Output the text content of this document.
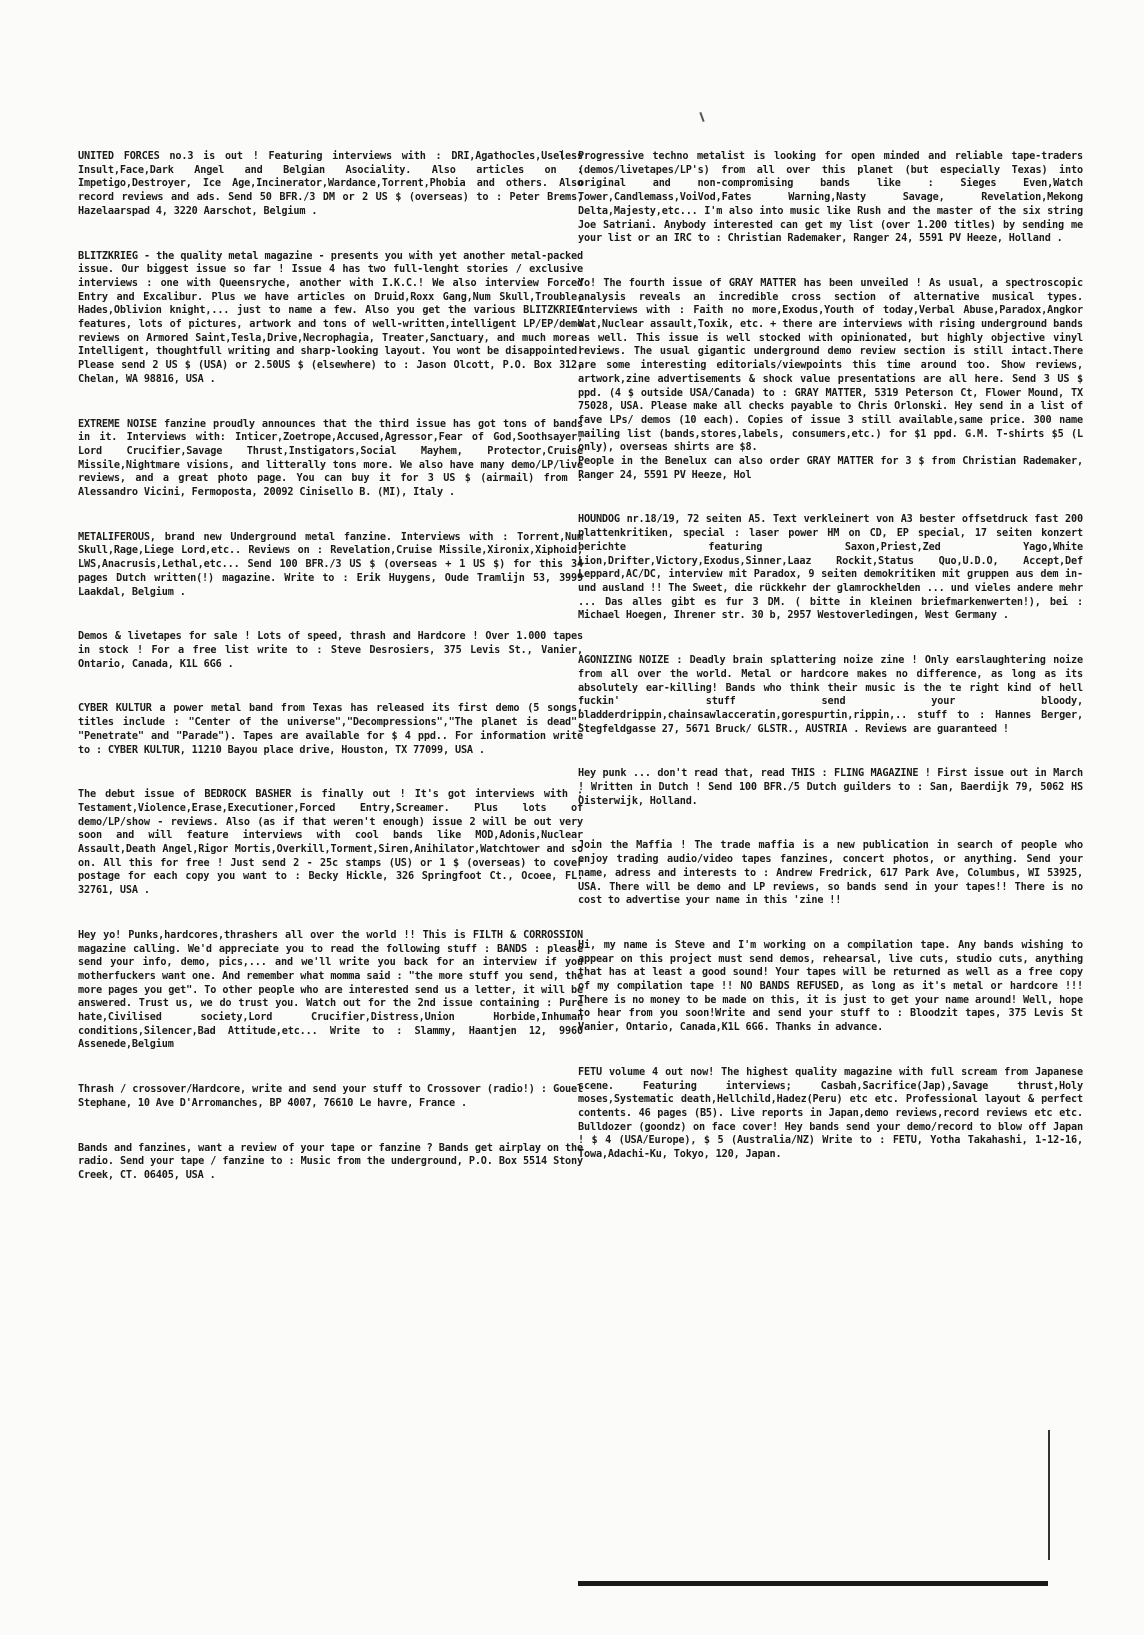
UNITED FORCES no.3 is out ! Featuring interviews with : DRI,Agathocles,Useless Insult,Face,Dark Angel and Belgian Asociality. Also articles on : Impetigo,Destroyer, Ice Age,Incinerator,Wardance,Torrent,Phobia and others. Also record reviews and ads. Send 50 BFR./3 DM or 2 US $ (overseas) to : Peter Brems, Hazelaarspad 4, 3220 Aarschot, Belgium .

BLITZKRIEG - the quality metal magazine - presents you with yet another metal-packed issue. Our biggest issue so far ! Issue 4 has two full-lenght stories / exclusive interviews : one with Queensryche, another with I.K.C.! We also interview Forced Entry and Excalibur. Plus we have articles on Druid,Roxx Gang,Num Skull,Trouble, Hades,Oblivion knight,... just to name a few. Also you get the various BLITZKRIEG features, lots of pictures, artwork and tons of well-written,intelligent LP/EP/demo reviews on Armored Saint,Tesla,Drive,Necrophagia, Treater,Sanctuary, and much more. Intelligent, thoughtfull writing and sharp-looking layout. You wont be disappointed! Please send 2 US $ (USA) or 2.50US $ (elsewhere) to : Jason Olcott, P.O. Box 312, Chelan, WA 98816, USA .

EXTREME NOISE fanzine proudly announces that the third issue has got tons of bands in it. Interviews with: Inticer,Zoetrope,Accused,Agressor,Fear of God,Soothsayer, Lord Crucifier,Savage Thrust,Instigators,Social Mayhem, Protector,Cruise Missile,Nightmare visions, and litterally tons more. We also have many demo/LP/live reviews, and a great photo page. You can buy it for 3 US $ (airmail) from : Alessandro Vicini, Fermoposta, 20092 Cinisello B. (MI), Italy .

METALIFEROUS, brand new Underground metal fanzine. Interviews with : Torrent,Num Skull,Rage,Liege Lord,etc.. Reviews on : Revelation,Cruise Missile,Xironix,Xiphoid, LWS,Anacrusis,Lethal,etc... Send 100 BFR./3 US $ (overseas + 1 US $) for this 34 pages Dutch written(!) magazine. Write to : Erik Huygens, Oude Tramlijn 53, 3999 Laakdal, Belgium .

Demos & livetapes for sale ! Lots of speed, thrash and Hardcore ! Over 1.000 tapes in stock ! For a free list write to : Steve Desrosiers, 375 Levis St., Vanier, Ontario, Canada, K1L 6G6 .

CYBER KULTUR a power metal band from Texas has released its first demo (5 songs, titles include : "Center of the universe","Decompressions","The planet is dead", "Penetrate" and "Parade"). Tapes are available for $ 4 ppd.. For information write to : CYBER KULTUR, 11210 Bayou place drive, Houston, TX 77099, USA .

The debut issue of BEDROCK BASHER is finally out ! It's got interviews with : Testament,Violence,Erase,Executioner,Forced Entry,Screamer. Plus lots of demo/LP/show - reviews. Also (as if that weren't enough) issue 2 will be out very soon and will feature interviews with cool bands like MOD,Adonis,Nuclear Assault,Death Angel,Rigor Mortis,Overkill,Torment,Siren,Anihilator,Watchtower and so on. All this for free ! Just send 2 - 25c stamps (US) or 1 $ (overseas) to cover postage for each copy you want to : Becky Hickle, 326 Springfoot Ct., Ocoee, FL. 32761, USA .

Hey yo! Punks,hardcores,thrashers all over the world !! This is FILTH & CORROSSION magazine calling. We'd appreciate you to read the following stuff : BANDS : please send your info, demo, pics,... and we'll write you back for an interview if you motherfuckers want one. And remember what momma said : "the more stuff you send, the more pages you get". To other people who are interested send us a letter, it will be answered. Trust us, we do trust you. Watch out for the 2nd issue containing : Pure hate,Civilised society,Lord Crucifier,Distress,Union Horbide,Inhuman conditions,Silencer,Bad Attitude,etc... Write to : Slammy, Haantjen 12, 9960 Assenede,Belgium

Thrash / crossover/Hardcore, write and send your stuff to Crossover (radio!) : Gouel Stephane, 10 Ave D'Arromanches, BP 4007, 76610 Le havre, France .

Bands and fanzines, want a review of your tape or fanzine ? Bands get airplay on the radio. Send your tape / fanzine to : Music from the underground, P.O. Box 5514 Stony Creek, CT. 06405, USA .

Progressive techno metalist is looking for open minded and reliable tape-traders (demos/livetapes/LP's) from all over this planet (but especially Texas) into original and non-compromising bands like : Sieges Even,Watch Tower,Candlemass,VoiVod,Fates Warning,Nasty Savage, Revelation,Mekong Delta,Majesty,etc... I'm also into music like Rush and the master of the six string Joe Satriani. Anybody interested can get my list (over 1.200 titles) by sending me your list or an IRC to : Christian Rademaker, Ranger 24, 5591 PV Heeze, Holland .

Yo! The fourth issue of GRAY MATTER has been unveiled ! As usual, a spectroscopic analysis reveals an incredible cross section of alternative musical types. Interviews with : Faith no more,Exodus,Youth of today,Verbal Abuse,Paradox,Angkor Wat,Nuclear assault,Toxik, etc. + there are interviews with rising underground bands as well. This issue is well stocked with opinionated, but highly objective vinyl reviews. The usual gigantic underground demo review section is still intact.There are some interesting editorials/viewpoints this time around too. Show reviews, artwork,zine advertisements & shock value presentations are all here. Send 3 US $ ppd. (4 $ outside USA/Canada) to : GRAY MATTER, 5319 Peterson Ct, Flower Mound, TX 75028, USA. Please make all checks payable to Chris Orlonski. Hey send in a list of fave LPs/ demos (10 each). Copies of issue 3 still available,same price. 300 name mailing list (bands,stores,labels, consumers,etc.) for $1 ppd. G.M. T-shirts $5 (L only), overseas shirts are $8.
People in the Benelux can also order GRAY MATTER for 3 $ from Christian Rademaker, Ranger 24, 5591 PV Heeze, Hol

HOUNDOG nr.18/19, 72 seiten A5. Text verkleinert von A3 bester offsetdruck fast 200 plattenkritiken, special : laser power HM on CD, EP special, 17 seiten konzert berichte featuring Saxon,Priest,Zed Yago,White Lion,Drifter,Victory,Exodus,Sinner,Laaz Rockit,Status Quo,U.D.O, Accept,Def Leppard,AC/DC, interview mit Paradox, 9 seiten demokritiken mit gruppen aus dem in- und ausland !! The Sweet, die rückkehr der glamrockhelden ... und vieles andere mehr ... Das alles gibt es fur 3 DM. ( bitte in kleinen briefmarkenwerten!), bei : Michael Hoegen, Ihrener str. 30 b, 2957 Westoverledingen, West Germany .

AGONIZING NOIZE : Deadly brain splattering noize zine ! Only earslaughtering noize from all over the world. Metal or hardcore makes no difference, as long as its absolutely ear-killing! Bands who think their music is the te right kind of hell fuckin' stuff send your bloody, bladderdrippin,chainsawlacceratin,gorespurtin,rippin,.. stuff to : Hannes Berger, Stegfeldgasse 27, 5671 Bruck/ GLSTR., AUSTRIA . Reviews are guaranteed !

Hey punk ... don't read that, read THIS : FLING MAGAZINE ! First issue out in March ! Written in Dutch ! Send 100 BFR./5 Dutch guilders to : San, Baerdijk 79, 5062 HS Oisterwijk, Holland.

Join the Maffia ! The trade maffia is a new publication in search of people who enjoy trading audio/video tapes fanzines, concert photos, or anything. Send your name, adress and interests to : Andrew Fredrick, 617 Park Ave, Columbus, WI 53925, USA. There will be demo and LP reviews, so bands send in your tapes!! There is no cost to advertise your name in this 'zine !!

Hi, my name is Steve and I'm working on a compilation tape. Any bands wishing to appear on this project must send demos, rehearsal, live cuts, studio cuts, anything that has at least a good sound! Your tapes will be returned as well as a free copy of my compilation tape !! NO BANDS REFUSED, as long as it's metal or hardcore !!! There is no money to be made on this, it is just to get your name around! Well, hope to hear from you soon!Write and send your stuff to : Bloodzit tapes, 375 Levis St Vanier, Ontario, Canada,K1L 6G6. Thanks in advance.

FETU volume 4 out now! The highest quality magazine with full scream from Japanese scene. Featuring interviews; Casbah,Sacrifice(Jap),Savage thrust,Holy moses,Systematic death,Hellchild,Hadez(Peru) etc etc. Professional layout & perfect contents. 46 pages (B5). Live reports in Japan,demo reviews,record reviews etc etc. Bulldozer (goondz) on face cover! Hey bands send your demo/record to blow off Japan ! $ 4 (USA/Europe), $ 5 (Australia/NZ) Write to : FETU, Yotha Takahashi, 1-12-16, Towa,Adachi-Ku, Tokyo, 120, Japan.
